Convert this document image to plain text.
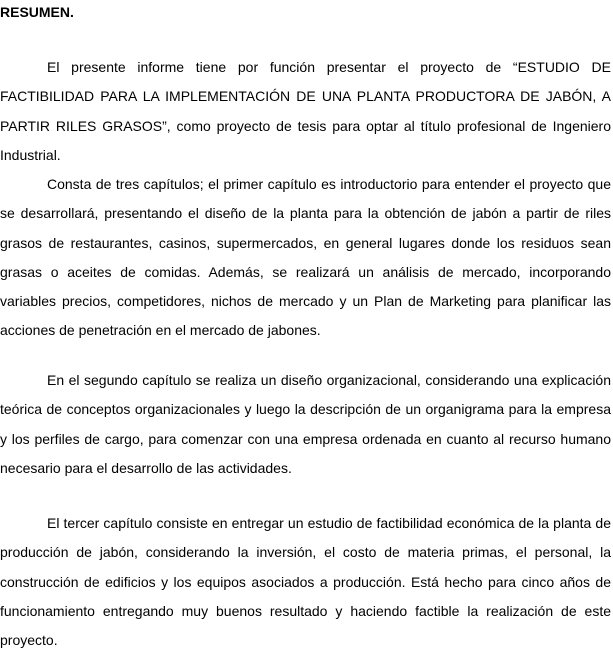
RESUMEN.

El presente informe tiene por función presentar el proyecto de “ESTUDIO DE FACTIBILIDAD PARA LA IMPLEMENTACIÓN DE UNA PLANTA PRODUCTORA DE JABÓN, A PARTIR RILES GRASOS”, como proyecto de tesis para optar al título profesional de Ingeniero Industrial.

Consta de tres capítulos; el primer capítulo es introductorio para entender el proyecto que se desarrollará, presentando el diseño de la planta para la obtención de jabón a partir de riles grasos de restaurantes, casinos, supermercados, en general lugares donde los residuos sean grasas o aceites de comidas. Además, se realizará un análisis de mercado, incorporando variables precios, competidores, nichos de mercado y un Plan de Marketing para planificar las acciones de penetración en el mercado de jabones.

En el segundo capítulo se realiza un diseño organizacional, considerando una explicación teórica de conceptos organizacionales y luego la descripción de un organigrama para la empresa y los perfiles de cargo, para comenzar con una empresa ordenada en cuanto al recurso humano necesario para el desarrollo de las actividades.

El tercer capítulo consiste en entregar un estudio de factibilidad económica de la planta de producción de jabón, considerando la inversión, el costo de materia primas, el personal, la construcción de edificios y los equipos asociados a producción. Está hecho para cinco años de funcionamiento entregando muy buenos resultado y haciendo factible la realización de este proyecto.
